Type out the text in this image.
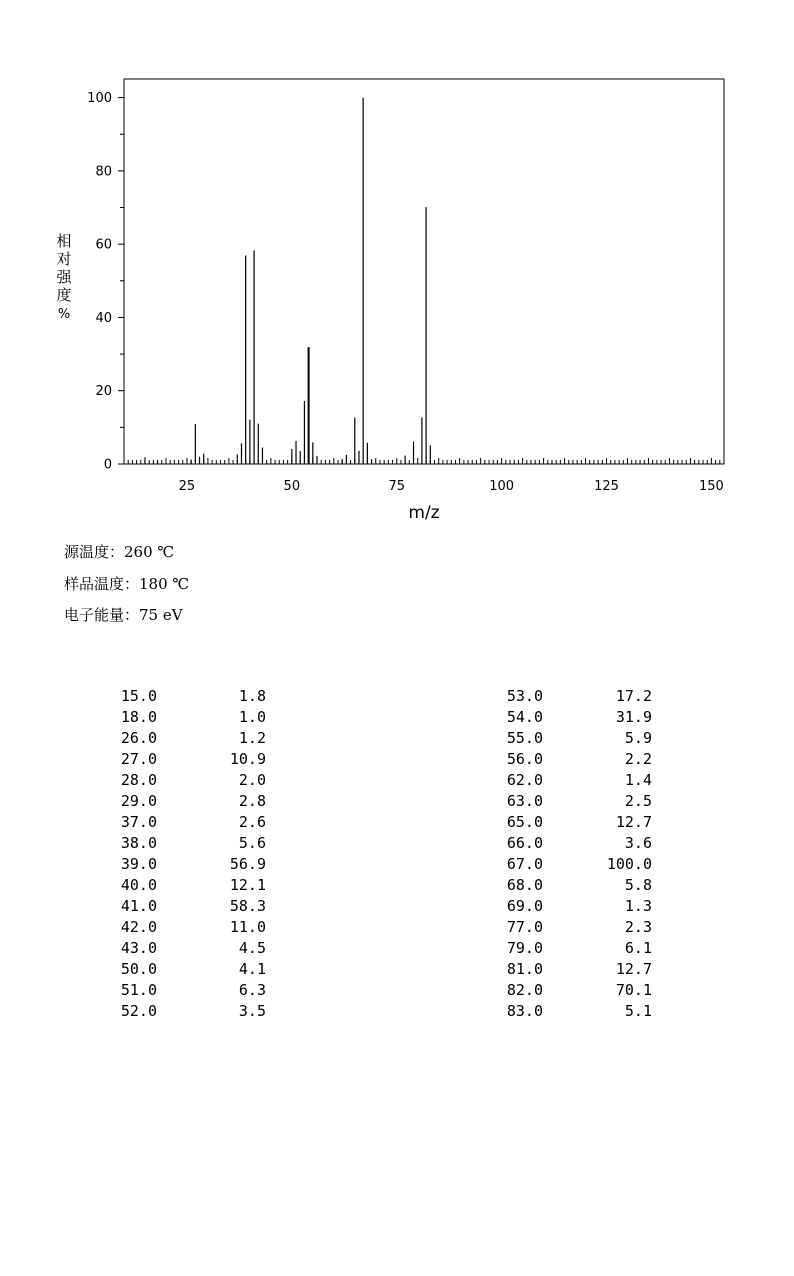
0
20
40
60
80
100
25	50	75	100	125	150
相对强度%
m/z
源温度：260 ℃
样品温度：180 ℃
电子能量：75 eV
15.0	1.8
18.0	1.0
26.0	1.2
27.0	10.9
28.0	2.0
29.0	2.8
37.0	2.6
38.0	5.6
39.0	56.9
40.0	12.1
41.0	58.3
42.0	11.0
43.0	4.5
50.0	4.1
51.0	6.3
52.0	3.5
53.0	17.2
54.0	31.9
55.0	5.9
56.0	2.2
62.0	1.4
63.0	2.5
65.0	12.7
66.0	3.6
67.0	100.0
68.0	5.8
69.0	1.3
77.0	2.3
79.0	6.1
81.0	12.7
82.0	70.1
83.0	5.1
